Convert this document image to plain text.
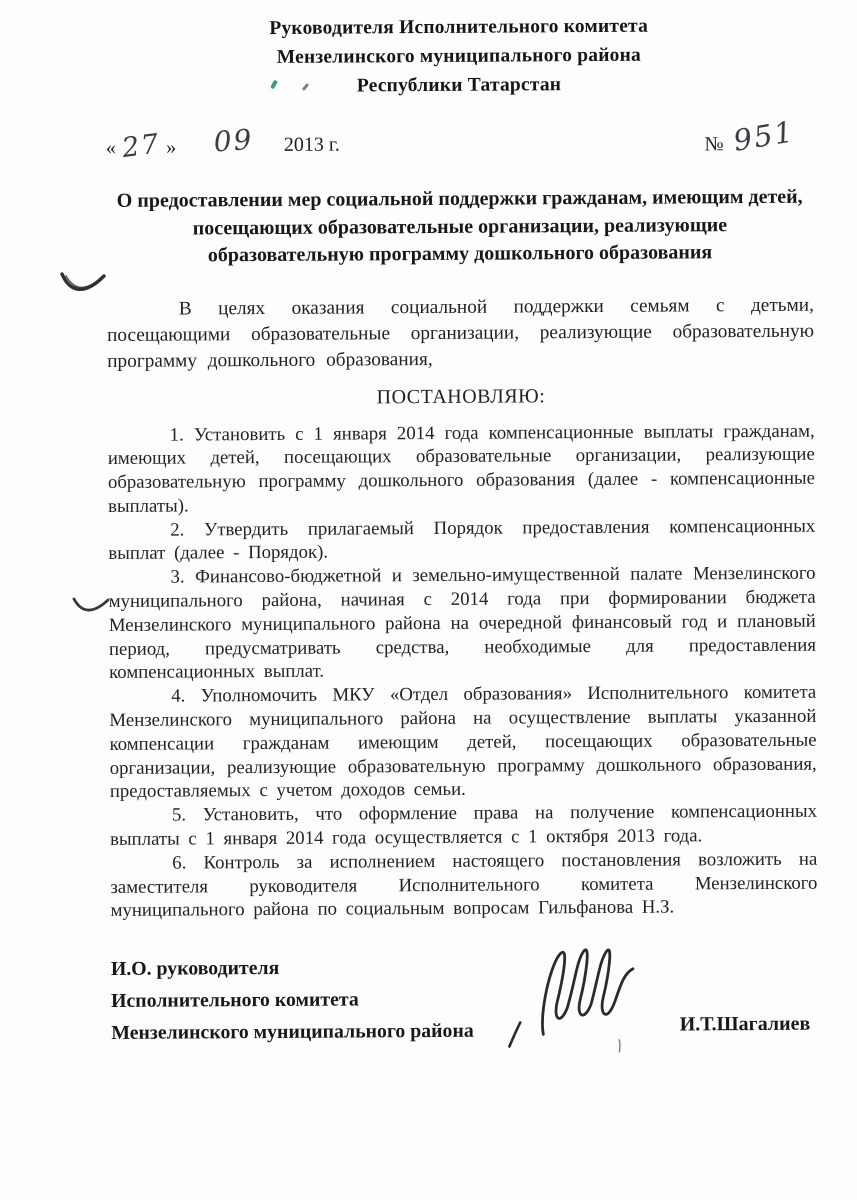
Руководителя Исполнительного комитета
Мензелинского муниципального района
Республики Татарстан
« 27 » 09 2013 г.	№ 951
О предоставлении мер социальной поддержки гражданам, имеющим детей,
посещающих образовательные организации, реализующие
образовательную программу дошкольного образования

В целях оказания социальной поддержки семьям с детьми, посещающими образовательные организации, реализующие образовательную программу дошкольного образования,

ПОСТАНОВЛЯЮ:

1. Установить с 1 января 2014 года компенсационные выплаты гражданам, имеющих детей, посещающих образовательные организации, реализующие образовательную программу дошкольного образования (далее - компенсационные выплаты).

2. Утвердить прилагаемый Порядок предоставления компенсационных выплат (далее - Порядок).

3. Финансово-бюджетной и земельно-имущественной палате Мензелинского муниципального района, начиная с 2014 года при формировании бюджета Мензелинского муниципального района на очередной финансовый год и плановый период, предусматривать средства, необходимые для предоставления компенсационных выплат.

4. Уполномочить МКУ «Отдел образования» Исполнительного комитета Мензелинского муниципального района на осуществление выплаты указанной компенсации гражданам имеющим детей, посещающих образовательные организации, реализующие образовательную программу дошкольного образования, предоставляемых с учетом доходов семьи.

5. Установить, что оформление права на получение компенсационных выплаты с 1 января 2014 года осуществляется с 1 октября 2013 года.

6. Контроль за исполнением настоящего постановления возложить на заместителя руководителя Исполнительного комитета Мензелинского муниципального района по социальным вопросам Гильфанова Н.З.

И.О. руководителя
Исполнительного комитета
Мензелинского муниципального района	И.Т.Шагалиев
